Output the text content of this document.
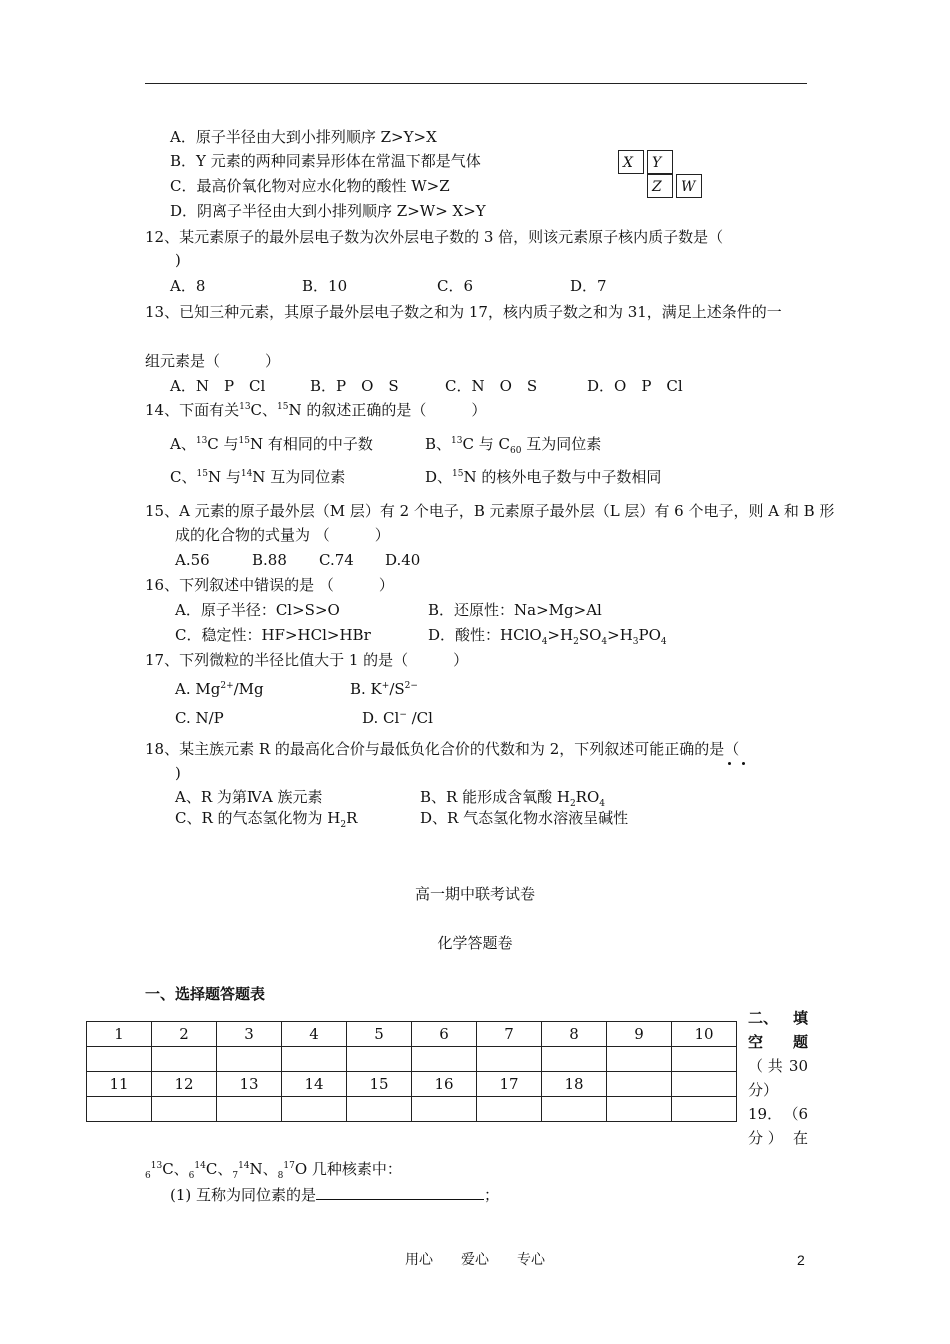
A．原子半径由大到小排列顺序 Z>Y>X
B．Y 元素的两种同素异形体在常温下都是气体
C．最高价氧化物对应水化物的酸性 W>Z
D．阴离子半径由大到小排列顺序 Z>W> X>Y
X	Y
Z	W
12、某元素原子的最外层电子数为次外层电子数的 3 倍，则该元素原子核内质子数是（
)
A．8	B．10	C．6	D．7
13、已知三种元素，其原子最外层电子数之和为 17，核内质子数之和为 31，满足上述条件的一
组元素是（　　　）
A．N　P　Cl	B．P　O　S	C．N　O　S	D．O　P　Cl
14、下面有关$^{13}$C、$^{15}$N 的叙述正确的是（　　　）
A、$^{13}$C 与$^{15}$N 有相同的中子数	B、$^{13}$C 与 $C_{60}$ 互为同位素
C、$^{15}$N 与$^{14}$N 互为同位素	D、$^{15}$N 的核外电子数与中子数相同
15、A 元素的原子最外层（M 层）有 2 个电子，B 元素原子最外层（L 层）有 6 个电子，则 A 和 B 形
成的化合物的式量为 （　　　）
A.56	B.88 C.74 D.40
16、下列叙述中错误的是 （　　　）
A．原子半径：Cl>S>O	B．还原性：Na>Mg>Al
C．稳定性：HF>HCl>HBr	D．酸性：$HClO_4>H_2SO_4>H_3PO_4$
17、下列微粒的半径比值大于 1 的是（　　　）
A. $Mg^{2+}/Mg$	B. $K^+/S^{2-}$
C. N/P	D. Cl− /Cl
18、某主族元素 R 的最高化合价与最低负化合价的代数和为 2，下列叙述可能正确的是（
)
A、R 为第ⅣA 族元素	B、R 能形成含氧酸 $H_2RO_4$
C、R 的气态氢化物为 $H_2R$	D、R 气态氢化物水溶液呈碱性
高一期中联考试卷
化学答题卷
一、选择题答题表
1	2	3	4	5	6	7	8	9	10

11	12	13	14	15	16	17	18		

二、 填
空 题
（ 共 30
分）
19． （6
分 ） 在
$_6^{13}$C、$_6^{14}$C、$_7^{14}$N、$_8^{17}$O 几种核素中：
(1) 互称为同位素的是	；
用心　　爱心　　专心	2
